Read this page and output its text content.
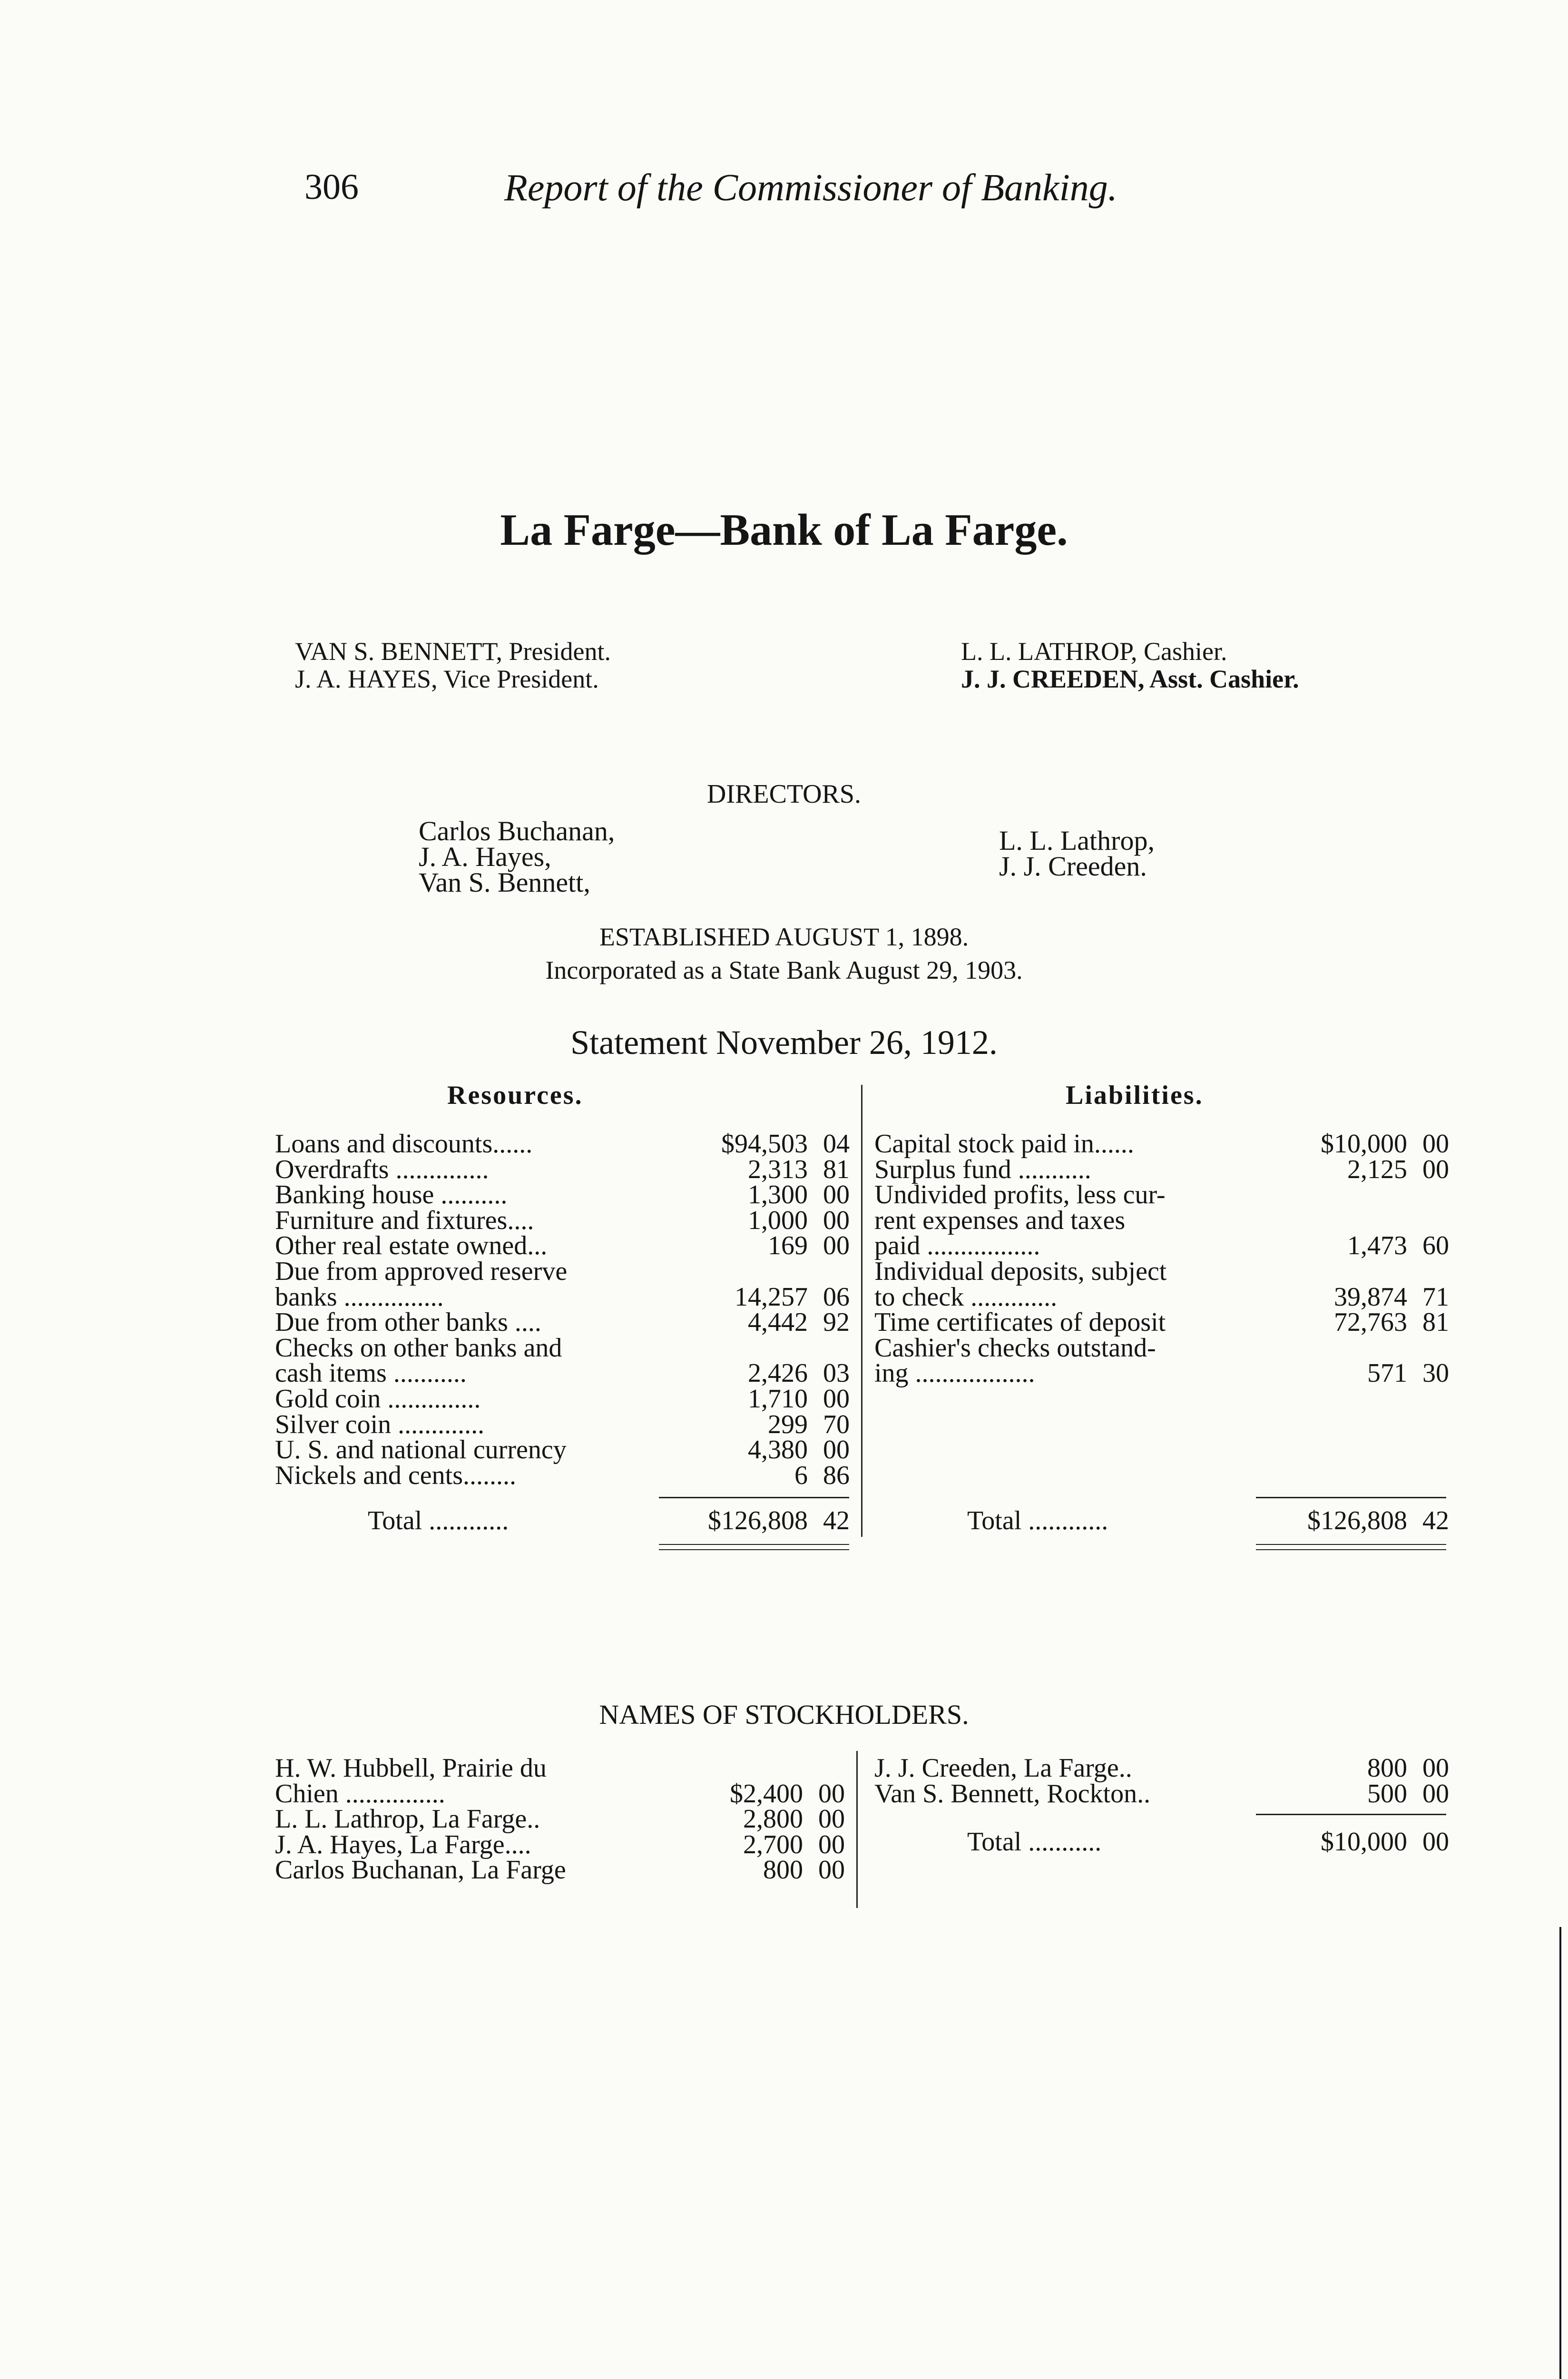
306	Report of the Commissioner of Banking.
La Farge—Bank of La Farge.
VAN S. BENNETT, President.
J. A. HAYES, Vice President.
L. L. LATHROP, Cashier.
J. J. CREEDEN, Asst. Cashier.
DIRECTORS.
Carlos Buchanan,
J. A. Hayes,
Van S. Bennett,
L. L. Lathrop,
J. J. Creeden.
ESTABLISHED AUGUST 1, 1898.
Incorporated as a State Bank August 29, 1903.
Statement November 26, 1912.
Resources.	Liabilities.
Loans and discounts......	$94,503 04
Overdrafts ..............	2,313 81
Banking house ..........	1,300 00
Furniture and fixtures....	1,000 00
Other real estate owned...	169 00
Due from approved reserve
banks ...............	14,257 06
Due from other banks ....	4,442 92
Checks on other banks and
cash items ...........	2,426 03
Gold coin ..............	1,710 00
Silver coin .............	299 70
U. S. and national currency	4,380 00
Nickels and cents........	6 86
Total ............	$126,808 42
Capital stock paid in......	$10,000 00
Surplus fund ...........	2,125 00
Undivided profits, less cur-
rent expenses and taxes
paid .................	1,473 60
Individual deposits, subject
to check .............	39,874 71
Time certificates of deposit	72,763 81
Cashier's checks outstand-
ing ..................	571 30
Total ............	$126,808 42
NAMES OF STOCKHOLDERS.
H. W. Hubbell, Prairie du
Chien ...............	$2,400 00
L. L. Lathrop, La Farge..	2,800 00
J. A. Hayes, La Farge....	2,700 00
Carlos Buchanan, La Farge	800 00
J. J. Creeden, La Farge..	800 00
Van S. Bennett, Rockton..	500 00
Total ...........	$10,000 00
